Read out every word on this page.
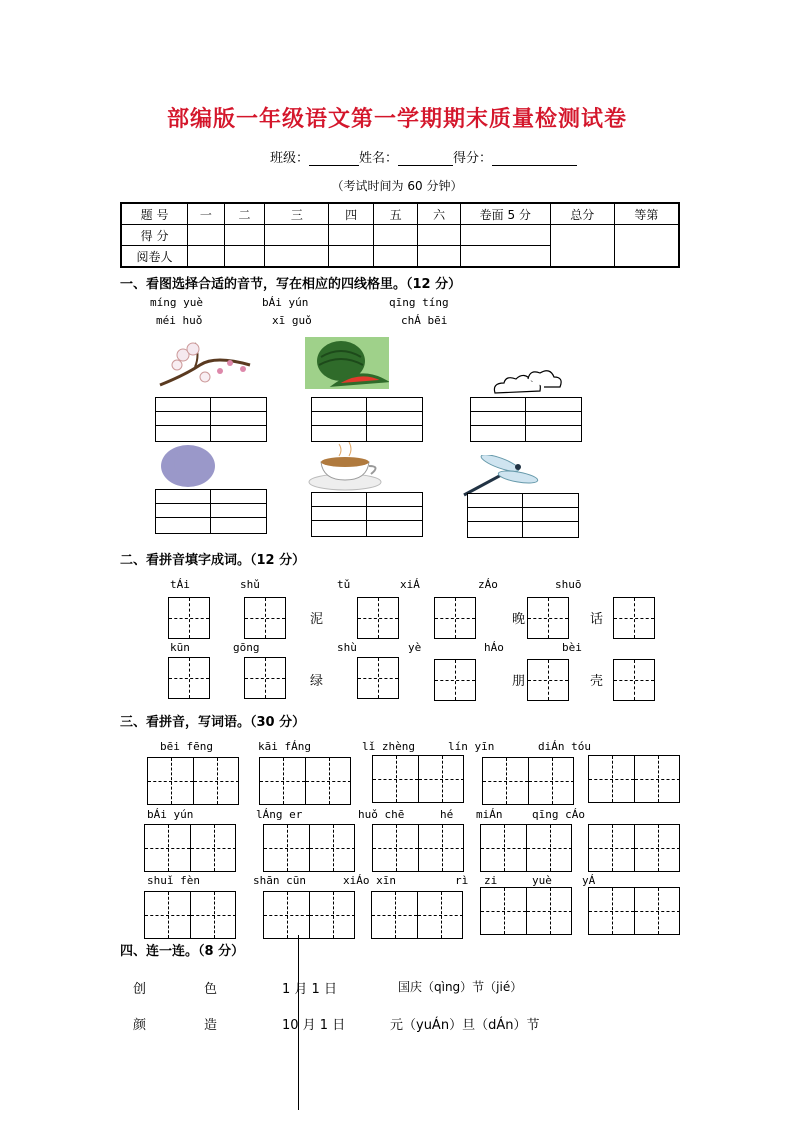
部编版一年级语文第一学期期末质量检测试卷
班级：	姓名：	得分：
（考试时间为 60 分钟）
题 号	一	二	三	四	五	六	卷面 5 分	总分	等第
得 分									
阅卷人									
一、看图选择合适的音节，写在相应的四线格里。（12 分）
míng yuè	bÁi yún	qīng tíng
méi huǒ	xī guǒ	chÁ bēi
二、看拼音填字成词。（12 分）
tÁi	shǔ	tǔ	xiÁ	zÁo	shuō
泥	晚	话
kūn	gōng	shù	yè	hÁo	bèi
绿	朋	壳
三、看拼音，写词语。（30 分）
bēi fēng	kāi fÁng	lǐ zhèng	lín yīn	diÁn tóu
bÁi yún	lÁng er	huǒ chē	hé miÁn	qīng cÁo
shuǐ fèn	shān cūn	xiÁo xīn	rì zi	yuè	yÁ
四、连一连。（8 分）
创	色
颜	造
1 月 1 日
10 月 1 日
国庆（qìng）节（jié）
元（yuÁn）旦（dÁn）节
